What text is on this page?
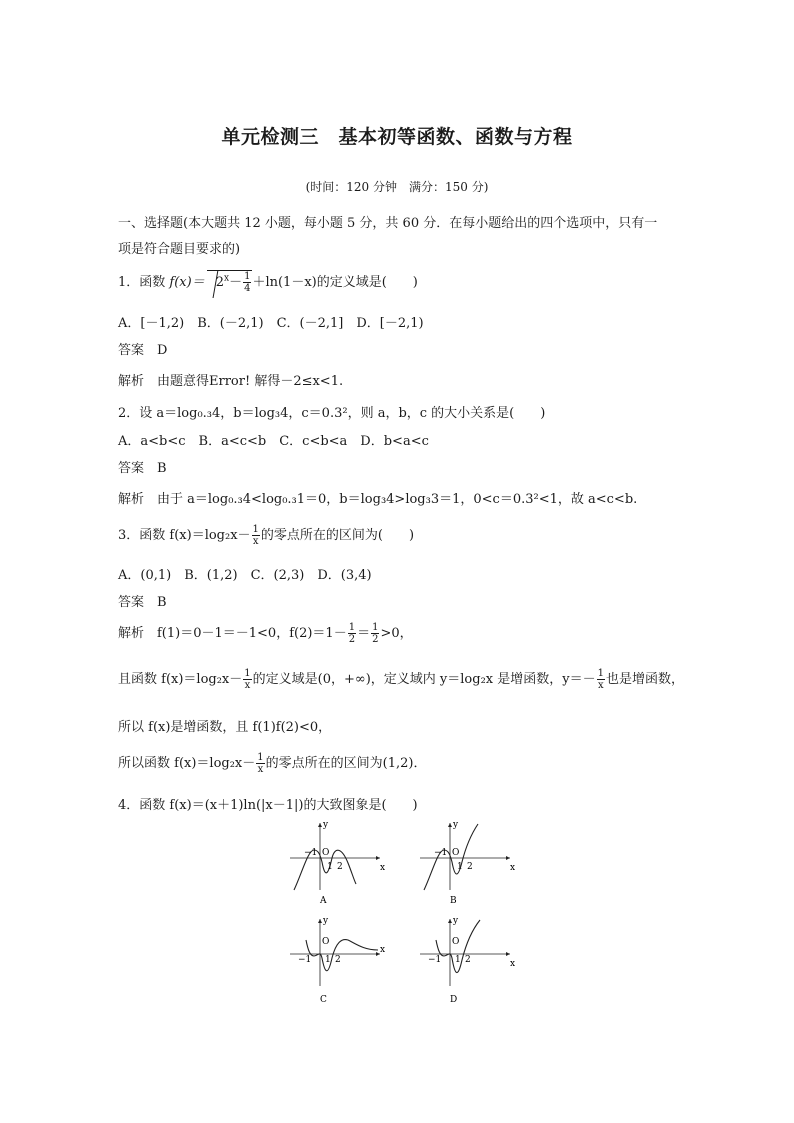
单元检测三　基本初等函数、函数与方程
(时间：120 分钟　满分：150 分)
一、选择题(本大题共 12 小题，每小题 5 分，共 60 分．在每小题给出的四个选项中，只有一
项是符合题目要求的)
1．函数 $f(x)= 2^x- \frac{1}{4} +\ln(1-x)$的定义域是(　　)
A．[－1,2)　B．(－2,1)　C．(－2,1]　D．[－2,1)
答案　D
解析　由题意得Error! 解得－2≤x<1.
2．设 a＝log₀.₃4，b＝log₃4，c＝0.3²，则 a，b，c 的大小关系是(　　)
A．a<b<c　B．a<c<b　C．c<b<a　D．b<a<c
答案　B
解析　由于 a＝log₀.₃4<log₀.₃1＝0，b＝log₃4>log₃3＝1，0<c＝0.3²<1，故 a<c<b.
3．函数 $f(x)=\log_2x- \frac{1}{x}$ 的零点所在的区间为(　　)
A．(0,1)　B．(1,2)　C．(2,3)　D．(3,4)
答案　B
解析　f(1)＝0－1＝－1<0，$f(2)=1- \frac{1}{2} = \frac{1}{2} >0$，
且函数 $f(x)=\log_2x- \frac{1}{x}$ 的定义域是(0，+∞)，定义域内 y＝log₂x 是增函数，$y=- \frac{1}{x}$ 也是增函数，
所以 f(x)是增函数，且 f(1)f(2)<0，
所以函数 $f(x)=\log_2x- \frac{1}{x}$ 的零点所在的区间为(1,2)．
4．函数 f(x)＝(x＋1)ln(|x－1|)的大致图象是(　　)
y
x
O
−1
1 2
A
y
x
O
−1
1 2
B
y
x
O
−1 1 2
C
y
x
O
−1 1 2
D
